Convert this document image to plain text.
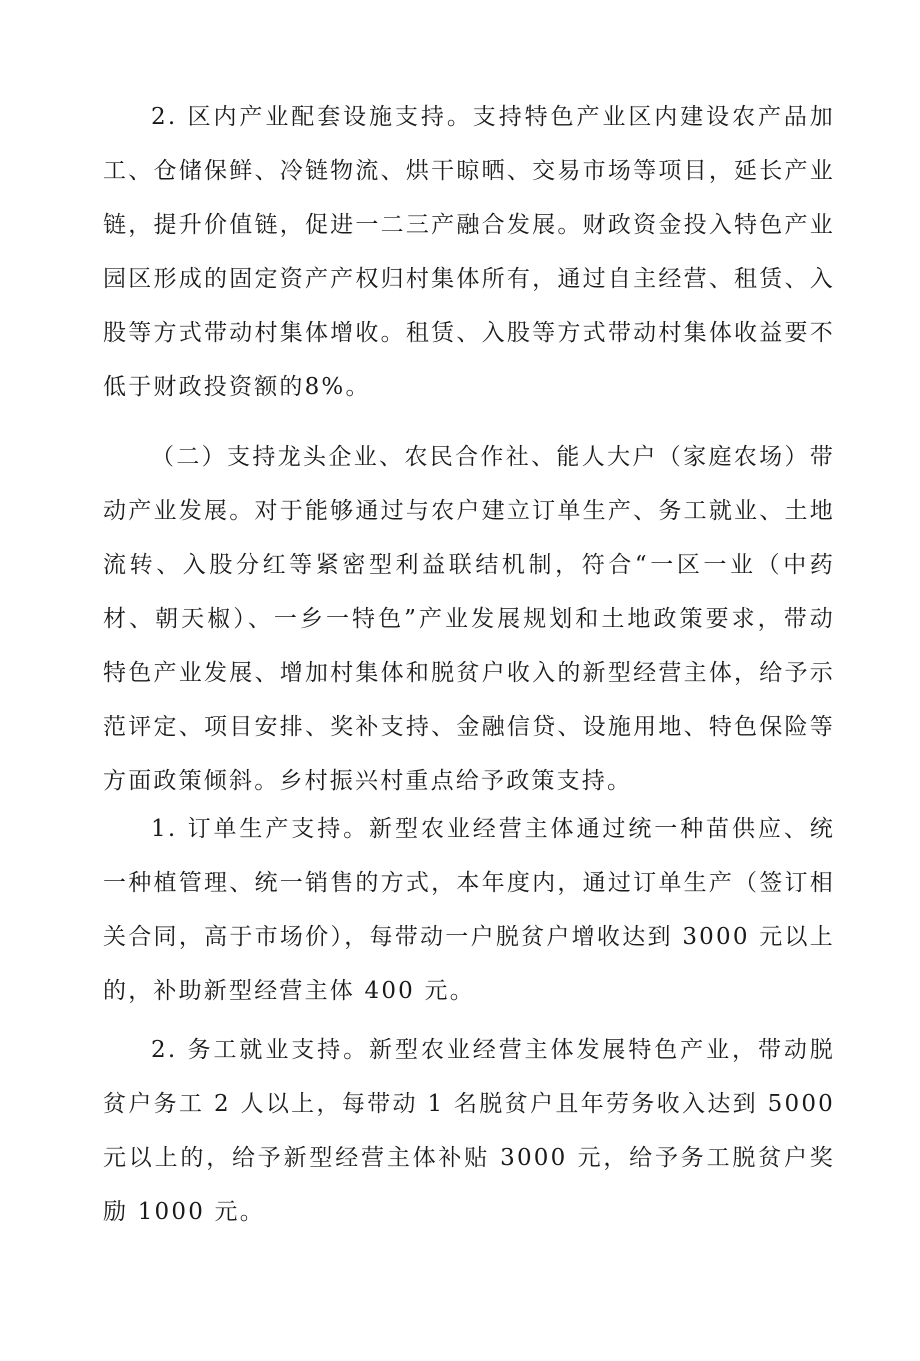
2. 区内产业配套设施支持。支持特色产业区内建设农产品加工、仓储保鲜、冷链物流、烘干晾晒、交易市场等项目，延长产业链，提升价值链，促进一二三产融合发展。财政资金投入特色产业园区形成的固定资产产权归村集体所有，通过自主经营、租赁、入股等方式带动村集体增收。租赁、入股等方式带动村集体收益要不低于财政投资额的8%。

（二）支持龙头企业、农民合作社、能人大户（家庭农场）带动产业发展。对于能够通过与农户建立订单生产、务工就业、土地流转、入股分红等紧密型利益联结机制，符合“一区一业（中药材、朝天椒）、一乡一特色”产业发展规划和土地政策要求，带动特色产业发展、增加村集体和脱贫户收入的新型经营主体，给予示范评定、项目安排、奖补支持、金融信贷、设施用地、特色保险等方面政策倾斜。乡村振兴村重点给予政策支持。

1. 订单生产支持。新型农业经营主体通过统一种苗供应、统一种植管理、统一销售的方式，本年度内，通过订单生产（签订相关合同，高于市场价），每带动一户脱贫户增收达到 3000 元以上的，补助新型经营主体 400 元。

2. 务工就业支持。新型农业经营主体发展特色产业，带动脱贫户务工 2 人以上，每带动 1 名脱贫户且年劳务收入达到 5000元以上的，给予新型经营主体补贴 3000 元，给予务工脱贫户奖励 1000 元。
